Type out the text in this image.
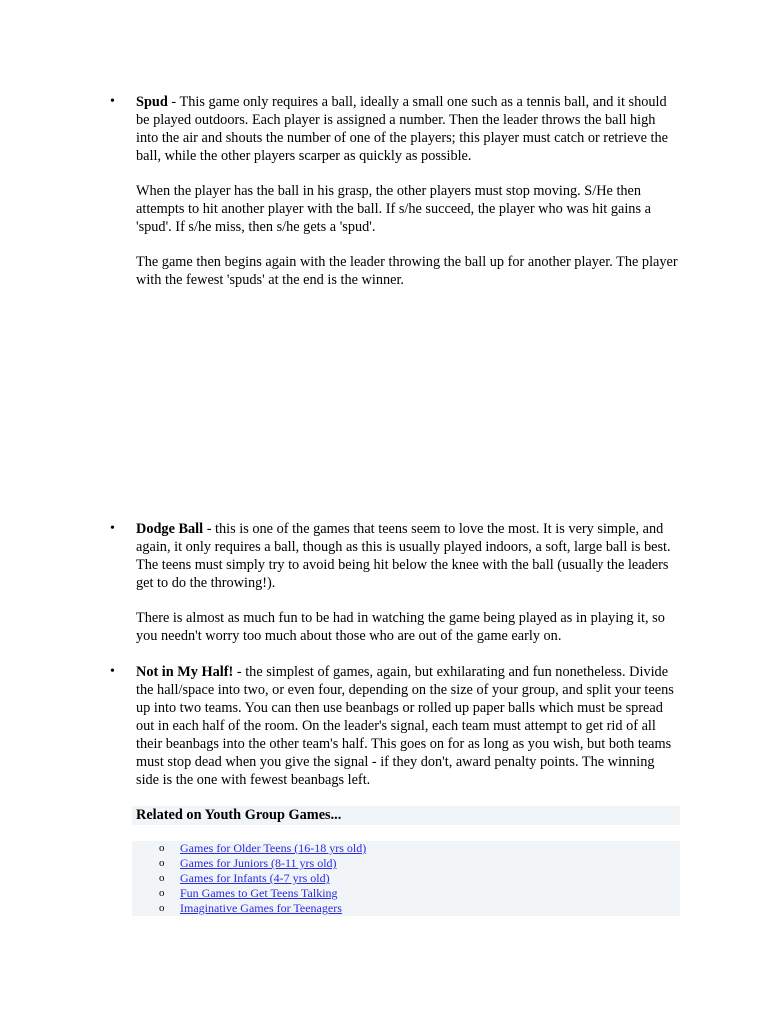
• Spud - This game only requires a ball, ideally a small one such as a tennis ball, and it should be played outdoors. Each player is assigned a number. Then the leader throws the ball high into the air and shouts the number of one of the players; this player must catch or retrieve the ball, while the other players scarper as quickly as possible.

When the player has the ball in his grasp, the other players must stop moving. S/He then attempts to hit another player with the ball. If s/he succeed, the player who was hit gains a 'spud'. If s/he miss, then s/he gets a 'spud'.

The game then begins again with the leader throwing the ball up for another player. The player with the fewest 'spuds' at the end is the winner.

• Dodge Ball - this is one of the games that teens seem to love the most. It is very simple, and again, it only requires a ball, though as this is usually played indoors, a soft, large ball is best. The teens must simply try to avoid being hit below the knee with the ball (usually the leaders get to do the throwing!).

There is almost as much fun to be had in watching the game being played as in playing it, so you needn't worry too much about those who are out of the game early on.

• Not in My Half! - the simplest of games, again, but exhilarating and fun nonetheless. Divide the hall/space into two, or even four, depending on the size of your group, and split your teens up into two teams. You can then use beanbags or rolled up paper balls which must be spread out in each half of the room. On the leader's signal, each team must attempt to get rid of all their beanbags into the other team's half. This goes on for as long as you wish, but both teams must stop dead when you give the signal - if they don't, award penalty points. The winning side is the one with fewest beanbags left.

Related on Youth Group Games...
o Games for Older Teens (16-18 yrs old)
o Games for Juniors (8-11 yrs old)
o Games for Infants (4-7 yrs old)
o Fun Games to Get Teens Talking
o Imaginative Games for Teenagers
